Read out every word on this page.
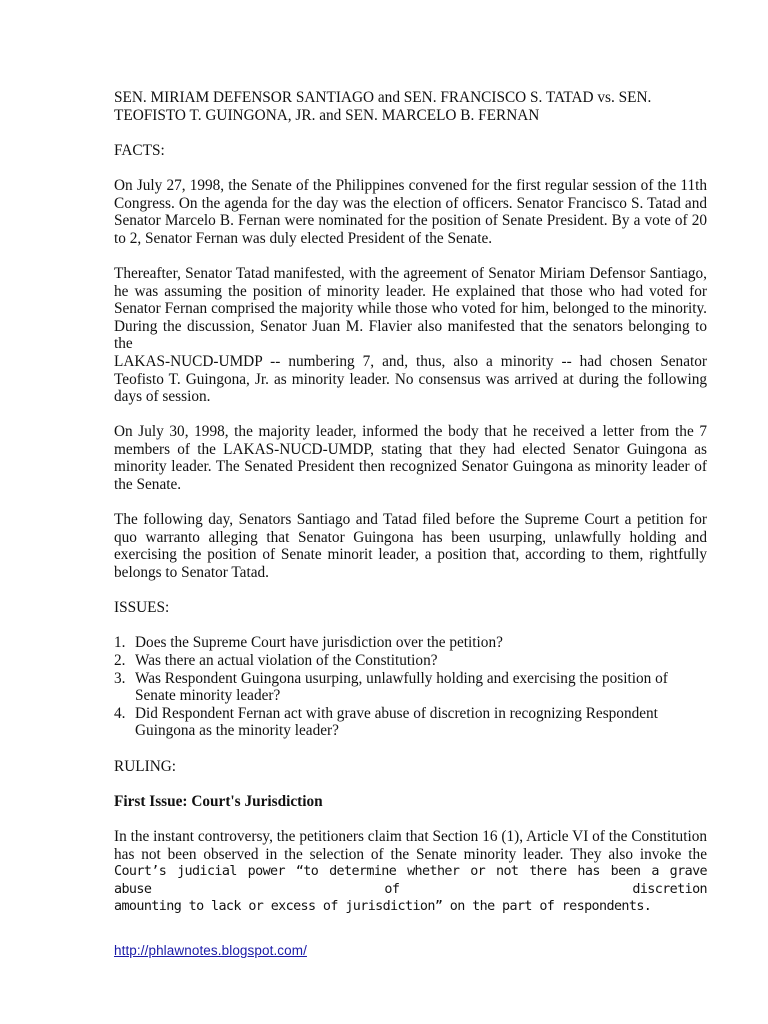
SEN. MIRIAM DEFENSOR SANTIAGO and SEN. FRANCISCO S. TATAD vs. SEN.
TEOFISTO T. GUINGONA, JR. and SEN. MARCELO B. FERNAN
FACTS:
On July 27, 1998, the Senate of the Philippines convened for the first regular session of the 11th
Congress. On the agenda for the day was the election of officers. Senator Francisco S. Tatad and
Senator Marcelo B. Fernan were nominated for the position of Senate President. By a vote of 20
to 2, Senator Fernan was duly elected President of the Senate.
Thereafter, Senator Tatad manifested, with the agreement of Senator Miriam Defensor Santiago,
he was assuming the position of minority leader. He explained that those who had voted for
Senator Fernan comprised the majority while those who voted for him, belonged to the minority.
During the discussion, Senator Juan M. Flavier also manifested that the senators belonging to the
LAKAS-NUCD-UMDP -- numbering 7, and, thus, also a minority -- had chosen Senator
Teofisto T. Guingona, Jr. as minority leader. No consensus was arrived at during the following
days of session.
On July 30, 1998, the majority leader, informed the body that he received a letter from the 7
members of the LAKAS-NUCD-UMDP, stating that they had elected Senator Guingona as
minority leader. The Senated President then recognized Senator Guingona as minority leader of
the Senate.
The following day, Senators Santiago and Tatad filed before the Supreme Court a petition for
quo warranto alleging that Senator Guingona has been usurping, unlawfully holding and
exercising the position of Senate minorit leader, a position that, according to them, rightfully
belongs to Senator Tatad.
ISSUES:
1. Does the Supreme Court have jurisdiction over the petition?
2. Was there an actual violation of the Constitution?
3. Was Respondent Guingona usurping, unlawfully holding and exercising the position of
Senate minority leader?
4. Did Respondent Fernan act with grave abuse of discretion in recognizing Respondent
Guingona as the minority leader?
RULING:
First Issue: Court's Jurisdiction
In the instant controversy, the petitioners claim that Section 16 (1), Article VI of the Constitution
has not been observed in the selection of the Senate minority leader. They also invoke the
Court’s judicial power “to determine whether or not there has been a grave abuse of discretion
amounting to lack or excess of jurisdiction” on the part of respondents.
http://phlawnotes.blogspot.com/
